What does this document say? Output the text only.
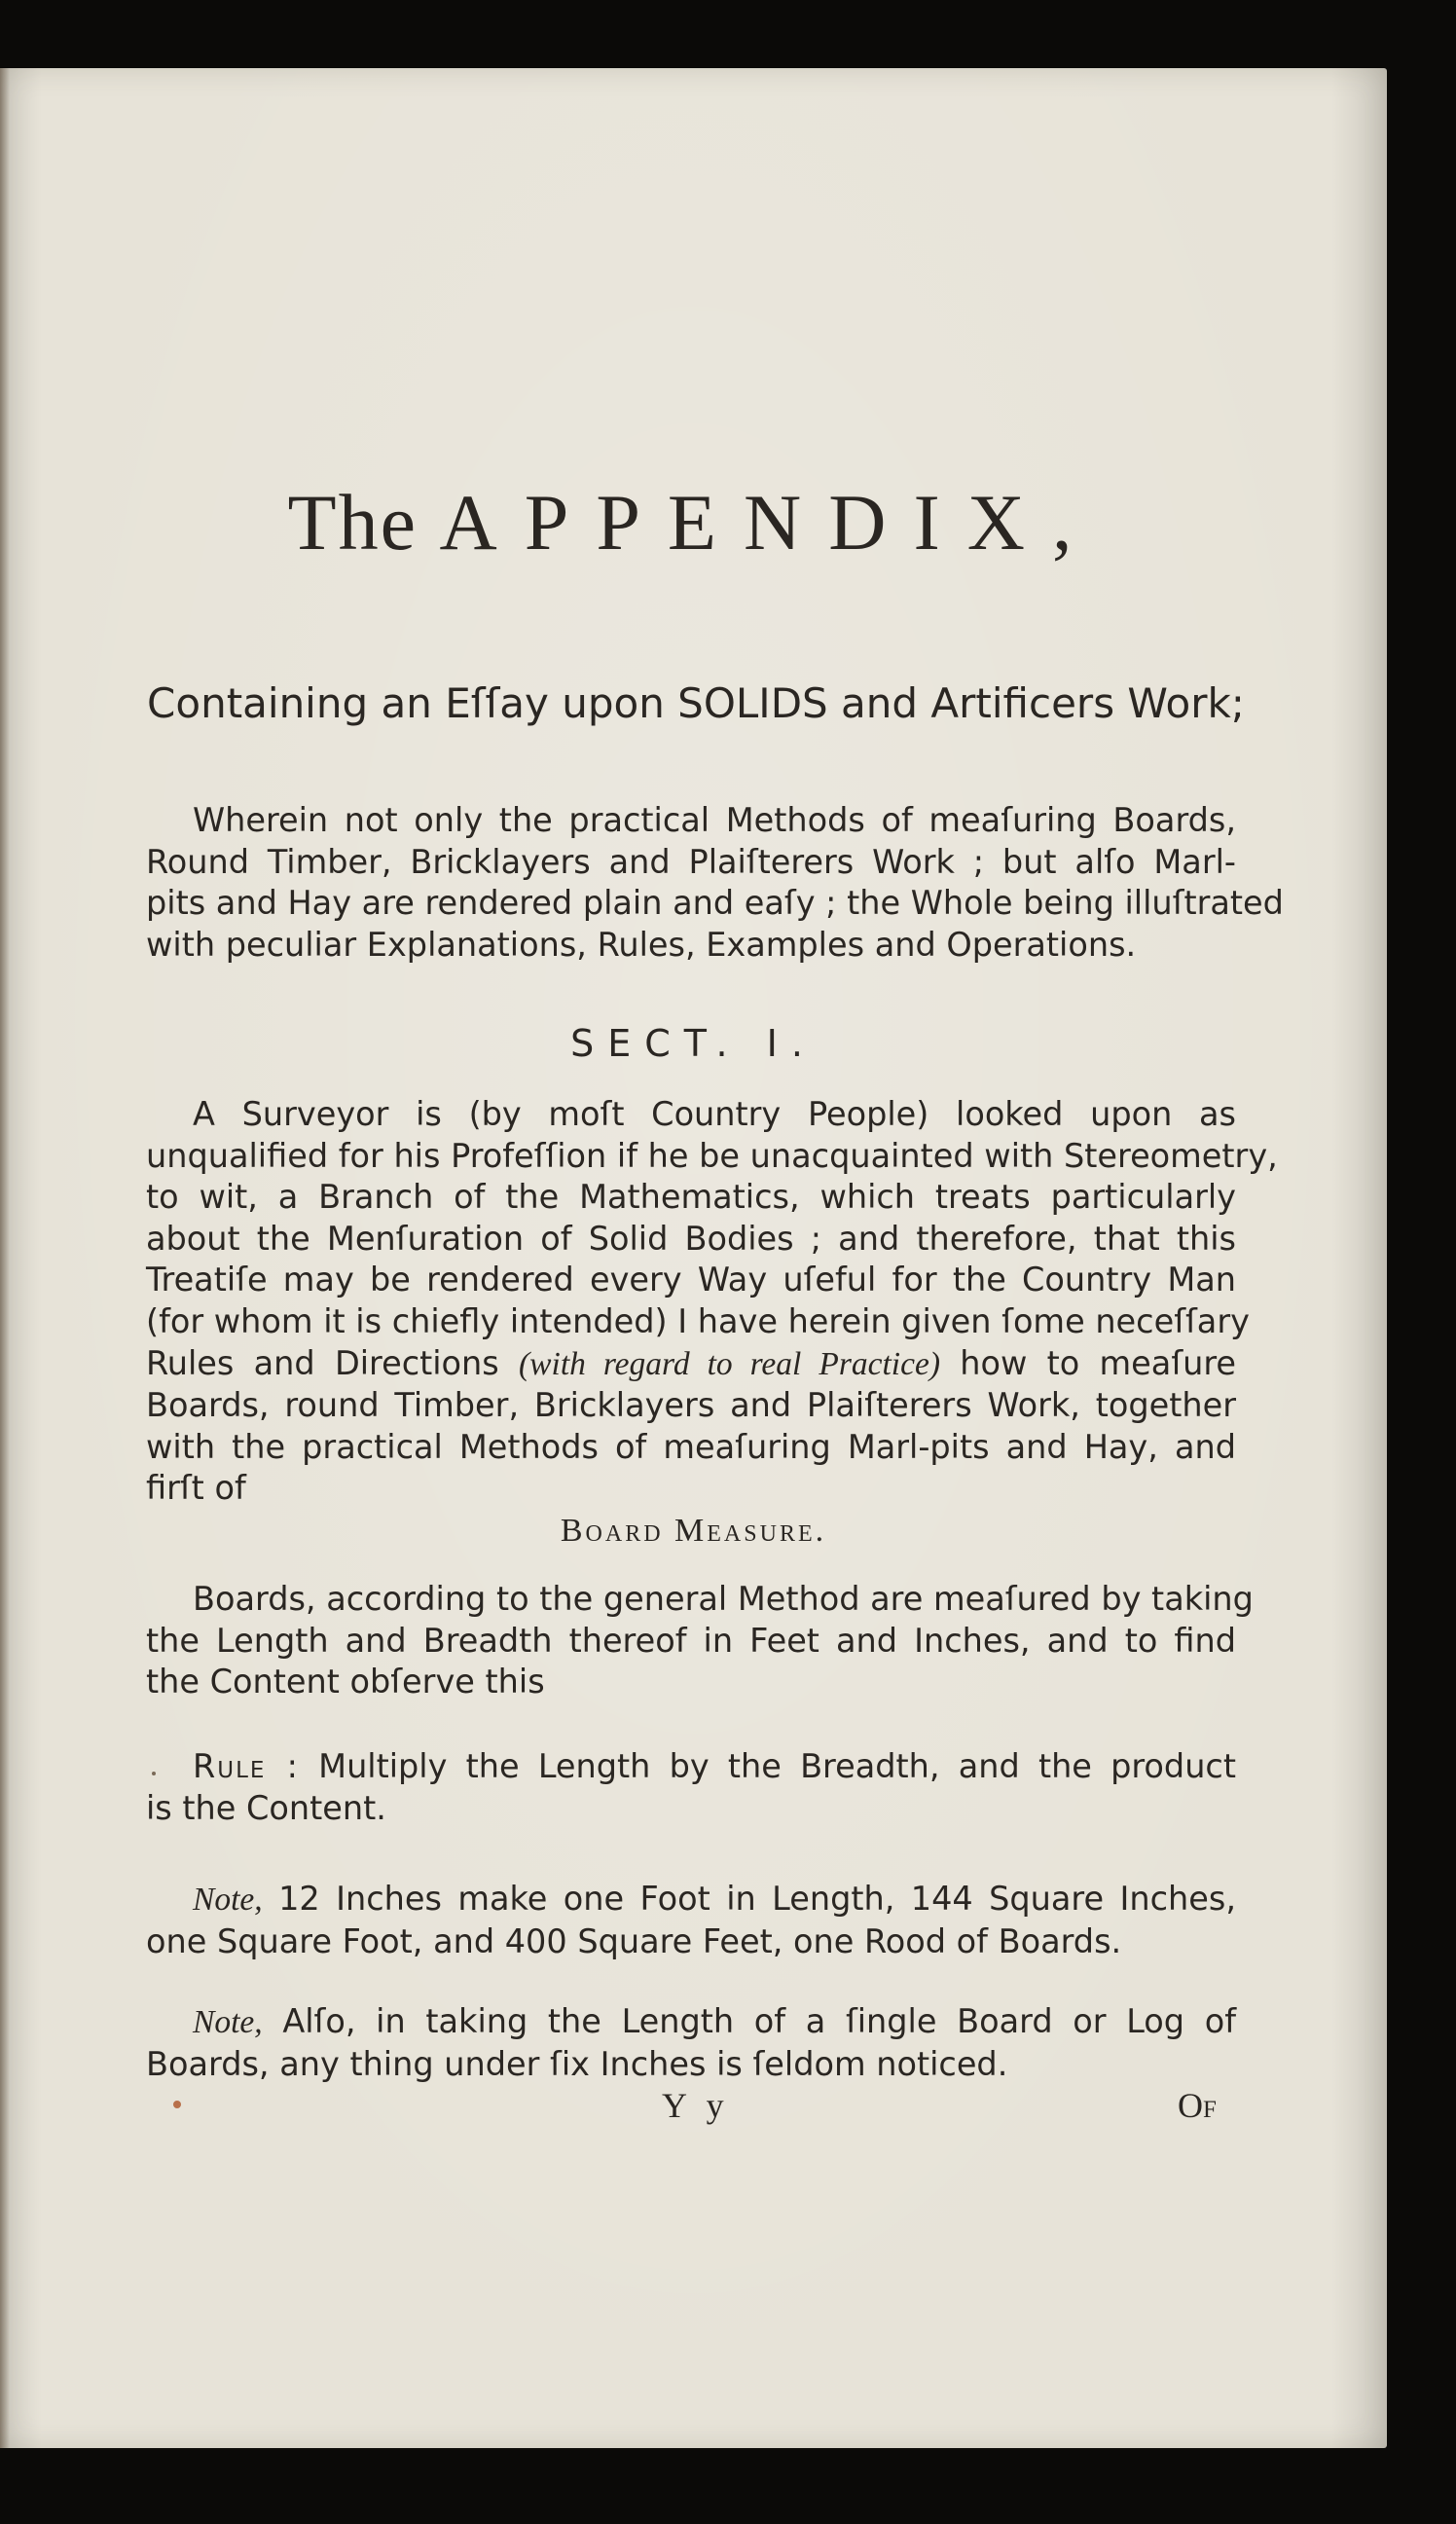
The APPENDIX,
Containing an Eſſay upon SOLIDS and Artificers Work;
Wherein not only the practical Methods of meaſuring Boards,
Round Timber, Bricklayers and Plaiſterers Work ; but alſo Marl-
pits and Hay are rendered plain and eaſy ; the Whole being illuſtrated
with peculiar Explanations, Rules, Examples and Operations.
SECT. I.
A Surveyor is (by moſt Country People) looked upon as
unqualified for his Profeſſion if he be unacquainted with Stereometry,
to wit, a Branch of the Mathematics, which treats particularly
about the Menſuration of Solid Bodies ; and therefore, that this
Treatiſe may be rendered every Way uſeful for the Country Man
(for whom it is chiefly intended) I have herein given ſome neceſſary
Rules and Directions (with regard to real Practice) how to meaſure
Boards, round Timber, Bricklayers and Plaiſterers Work, together
with the practical Methods of meaſuring Marl-pits and Hay, and
firſt of
Board Measure.
Boards, according to the general Method are meaſured by taking
the Length and Breadth thereof in Feet and Inches, and to find
the Content obſerve this
Rule : Multiply the Length by the Breadth, and the product
is the Content.
Note, 12 Inches make one Foot in Length, 144 Square Inches,
one Square Foot, and 400 Square Feet, one Rood of Boards.
Note, Alſo, in taking the Length of a ſingle Board or Log of
Boards, any thing under ſix Inches is ſeldom noticed.
Y y	Of
